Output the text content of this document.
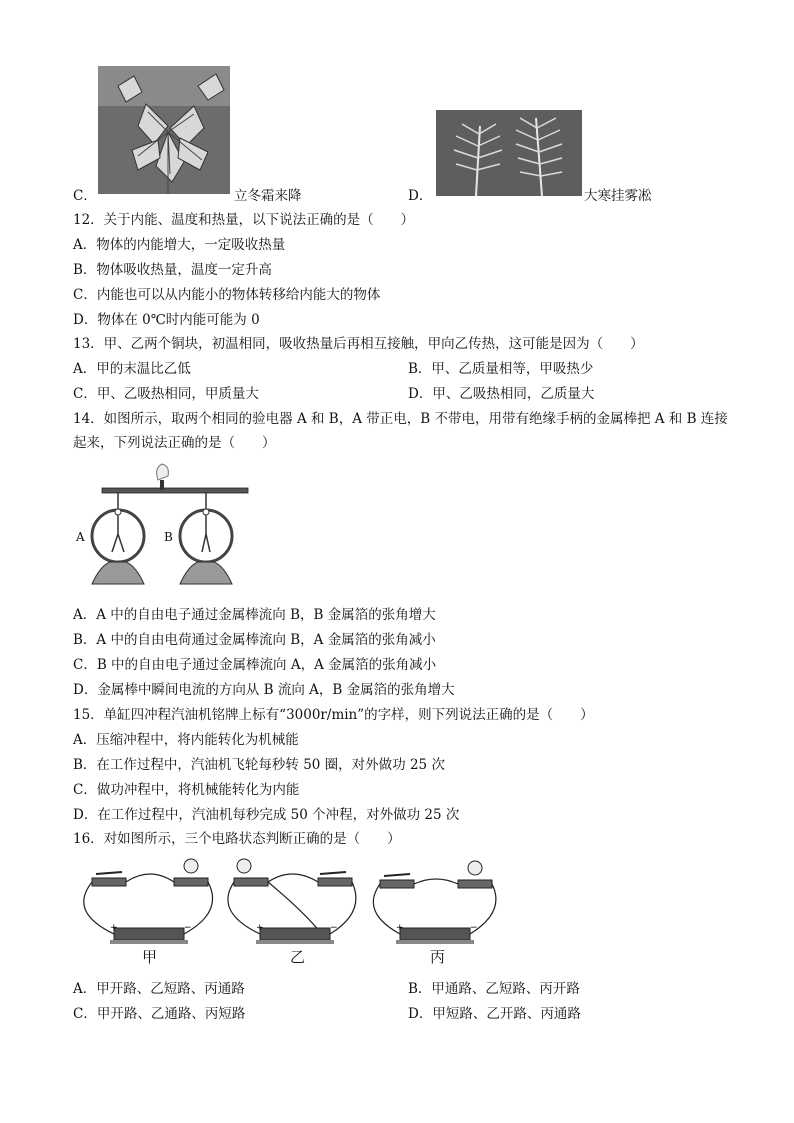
C．	立冬霜来降	D．	大寒挂雾凇
12．关于内能、温度和热量，以下说法正确的是（　　）
A．物体的内能增大，一定吸收热量
B．物体吸收热量，温度一定升高
C．内能也可以从内能小的物体转移给内能大的物体
D．物体在 0℃时内能可能为 0
13．甲、乙两个铜块，初温相同，吸收热量后再相互接触，甲向乙传热，这可能是因为（　　）
A．甲的末温比乙低	B．甲、乙质量相等，甲吸热少
C．甲、乙吸热相同，甲质量大	D．甲、乙吸热相同，乙质量大
14．如图所示，取两个相同的验电器 A 和 B，A 带正电，B 不带电，用带有绝缘手柄的金属棒把 A 和 B 连接
起来，下列说法正确的是（　　）
A	B
A．A 中的自由电子通过金属棒流向 B，B 金属箔的张角增大
B．A 中的自由电荷通过金属棒流向 B，A 金属箔的张角减小
C．B 中的自由电子通过金属棒流向 A，A 金属箔的张角减小
D．金属棒中瞬间电流的方向从 B 流向 A，B 金属箔的张角增大
15．单缸四冲程汽油机铭牌上标有“3000r/min”的字样，则下列说法正确的是（　　）
A．压缩冲程中，将内能转化为机械能
B．在工作过程中，汽油机飞轮每秒转 50 圈，对外做功 25 次
C．做功冲程中，将机械能转化为内能
D．在工作过程中，汽油机每秒完成 50 个冲程，对外做功 25 次
16．对如图所示，三个电路状态判断正确的是（　　）
+	−	+	−	+	−
甲	乙	丙
A．甲开路、乙短路、丙通路	B．甲通路、乙短路、丙开路
C．甲开路、乙通路、丙短路	D．甲短路、乙开路、丙通路
